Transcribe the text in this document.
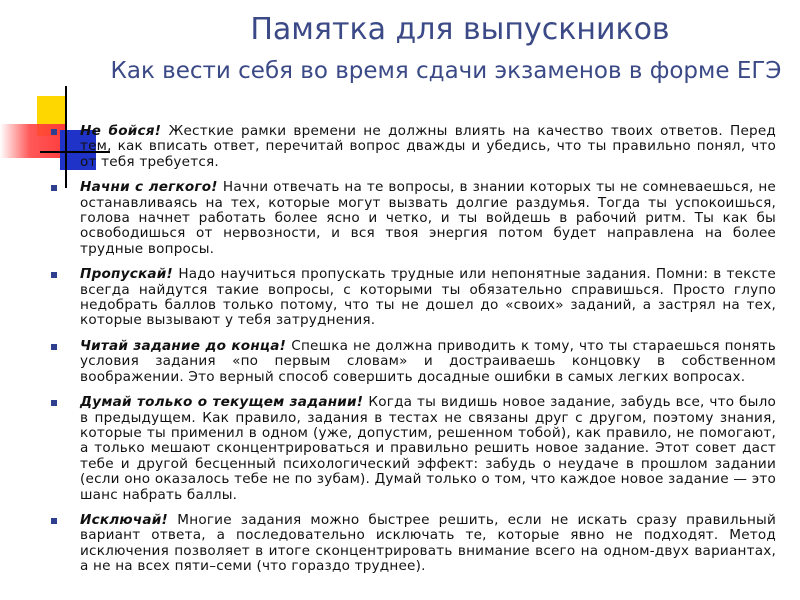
Памятка для выпускников
Как вести себя во время сдачи экзаменов в форме ЕГЭ
Не бойся! Жесткие рамки времени не должны влиять на качество твоих ответов. Перед тем, как вписать ответ, перечитай вопрос дважды и убедись, что ты правильно понял, что от тебя требуется.
Начни с легкого! Начни отвечать на те вопросы, в знании которых ты не сомневаешься, не останавливаясь на тех, которые могут вызвать долгие раздумья. Тогда ты успокоишься, голова начнет работать более ясно и четко, и ты войдешь в рабочий ритм. Ты как бы освободишься от нервозности, и вся твоя энергия потом будет направлена на более трудные вопросы.
Пропускай! Надо научиться пропускать трудные или непонятные задания. Помни: в тексте всегда найдутся такие вопросы, с которыми ты обязательно справишься. Просто глупо недобрать баллов только потому, что ты не дошел до «своих» заданий, а застрял на тех, которые вызывают у тебя затруднения.
Читай задание до конца! Спешка не должна приводить к тому, что ты стараешься понять условия задания «по первым словам» и достраиваешь концовку в собственном воображении. Это верный способ совершить досадные ошибки в самых легких вопросах.
Думай только о текущем задании! Когда ты видишь новое задание, забудь все, что было в предыдущем. Как правило, задания в тестах не связаны друг с другом, поэтому знания, которые ты применил в одном (уже, допустим, решенном тобой), как правило, не помогают, а только мешают сконцентрироваться и правильно решить новое задание. Этот совет даст тебе и другой бесценный психологический эффект: забудь о неудаче в прошлом задании (если оно оказалось тебе не по зубам). Думай только о том, что каждое новое задание — это шанс набрать баллы.
Исключай! Многие задания можно быстрее решить, если не искать сразу правильный вариант ответа, а последовательно исключать те, которые явно не подходят. Метод исключения позволяет в итоге сконцентрировать внимание всего на одном-двух вариантах, а не на всех пяти–семи (что гораздо труднее).
